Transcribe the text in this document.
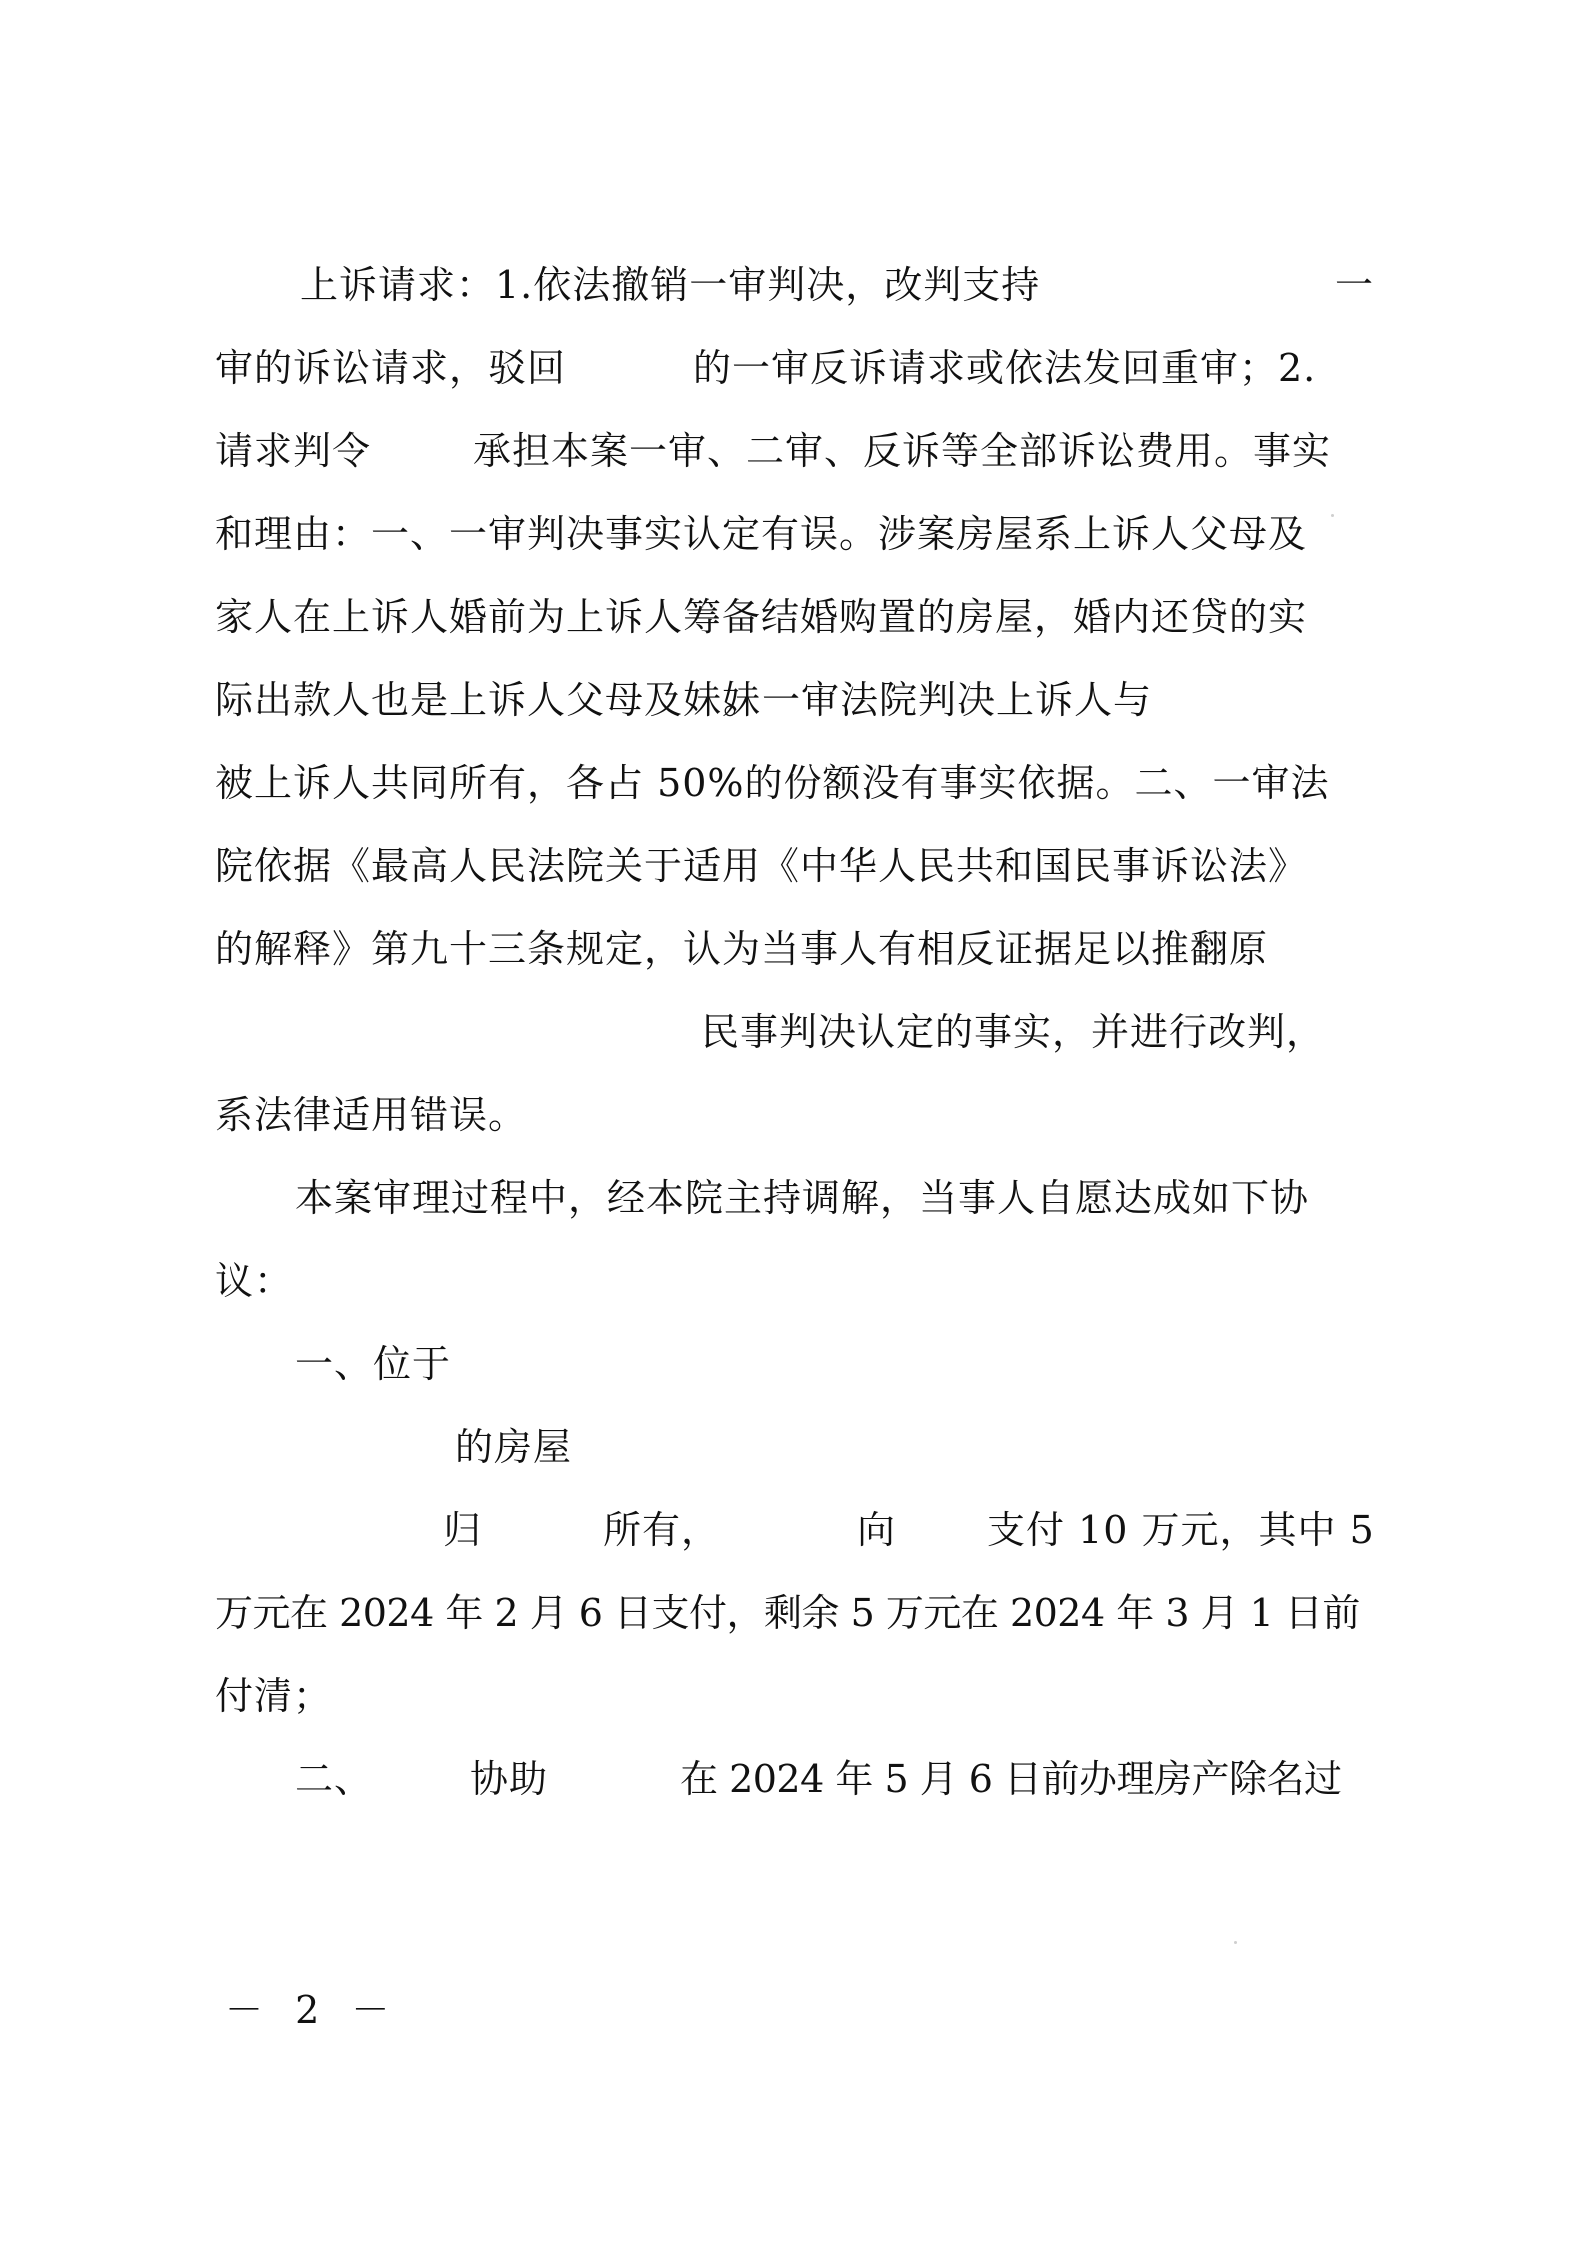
上诉请求：1.依法撤销一审判决，改判支持	一
审的诉讼请求，驳回	的一审反诉请求或依法发回重审；2.
请求判令	承担本案一审、二审、反诉等全部诉讼费用。事实
和理由：一、一审判决事实认定有误。涉案房屋系上诉人父母及
家人在上诉人婚前为上诉人筹备结婚购置的房屋，婚内还贷的实
际出款人也是上诉人父母及妹妹
。一审法院判决上诉人与
被上诉人共同所有，各占 50%的份额没有事实依据。二、一审法
院依据《最高人民法院关于适用《中华人民共和国民事诉讼法》
的解释》第九十三条规定，认为当事人有相反证据足以推翻原
民事判决认定的事实，并进行改判，
系法律适用错误。
本案审理过程中，经本院主持调解，当事人自愿达成如下协
议：
一、位于
的房屋
归	所有，	向 支付 10 万元，其中 5
万元在 2024 年 2 月 6 日支付，剩余 5 万元在 2024 年 3 月 1 日前
付清；
二、	协助	在 2024 年 5 月 6 日前办理房产除名过
－ 2 －
